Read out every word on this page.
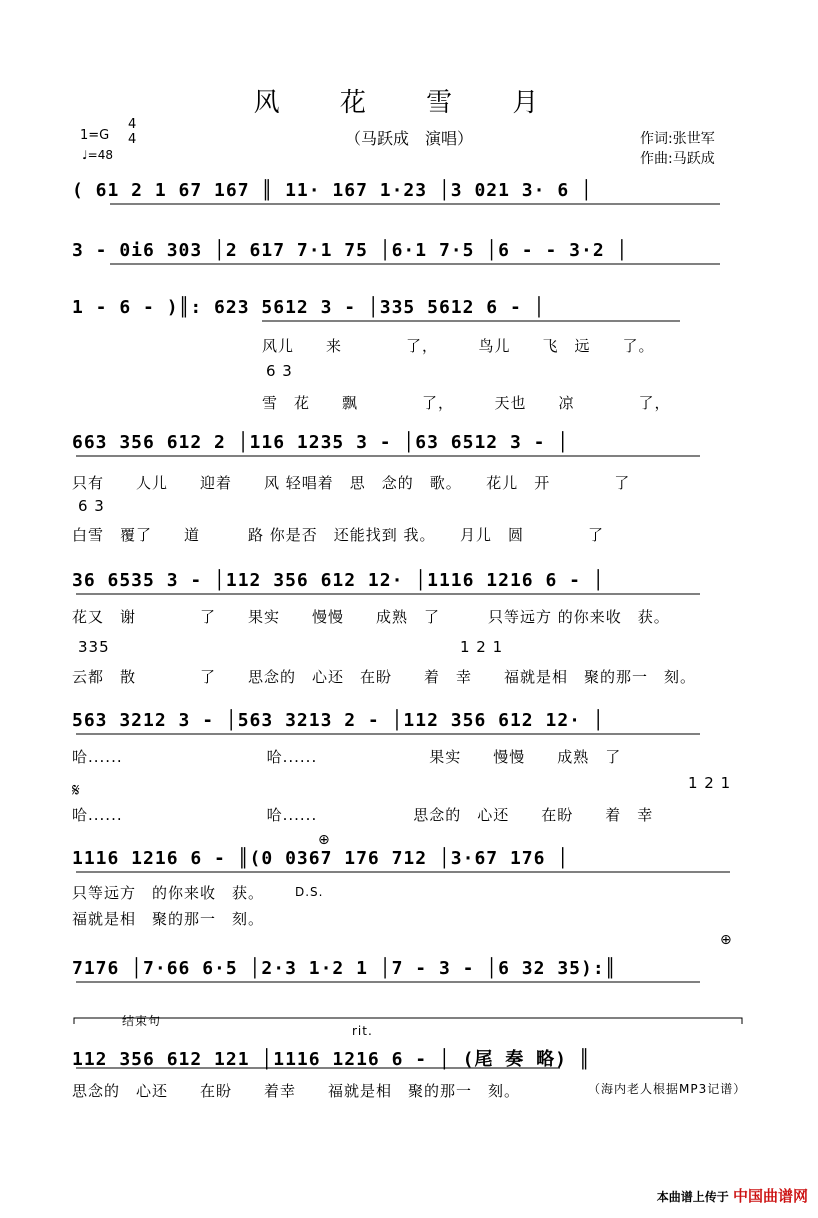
风 花 雪 月
（马跃成　演唱）
1=G
4
4
♩=48
作词:张世军
作曲:马跃成
( 61 2 1 67 167 ║ 11· 167 1·23 │3 021 3· 6 │
3 - 0i6 303 │2 617 7·1 75 │6·1 7·5 │6 - - 3·2 │
1 - 6 - )║: 623 5612 3 - │335 5612 6 - │
663 356 612 2 │116 1235 3 - │63 6512 3 - │
36 6535 3 - │112 356 612 12· │1116 1216 6 - │
563 3212 3 - │563 3213 2 - │112 356 612 12· │
1116 1216 6 - ║(0 0367 176 712 │3·67 176 │
7176 │7·66 6·5 │2·3 1·2 1 │7 - 3 - │6 32 35):║
112 356 612 121 │1116 1216 6 - │ (尾 奏 略) ║
风儿　　来　　　　了，　　　鸟儿　　飞　远　　了。
6 3
雪　花　　飘　　　　了，　　　天也　　凉　　　　了，
只有　　人儿　　迎着　　风 轻唱着　思　念的　歌。　　花儿　开　　　　了
6 3
白雪　覆了　　道　　　路 你是否　还能找到 我。　　月儿　圆　　　　了
花又　谢　　　　了　　果实　　慢慢　　成熟　了　　　只等远方 的你来收　获。
335	1 2 1
云都　散　　　　了　　思念的　心还　在盼　　着　幸　　福就是相　聚的那一　刻。
哈......　　　　　　　　　哈......　　　　　　　果实　　慢慢　　成熟　了
1 2 1
哈......　　　　　　　　　哈......　　　　　　思念的　心还　　在盼　　着　幸
只等远方　的你来收　获。	D.S.
福就是相　聚的那一　刻。
结束句
rit.
思念的　心还　　在盼　　着幸　　福就是相　聚的那一　刻。	（海内老人根据MP3记谱）
𝄋
⊕
⊕
本曲谱上传于 中国曲谱网
